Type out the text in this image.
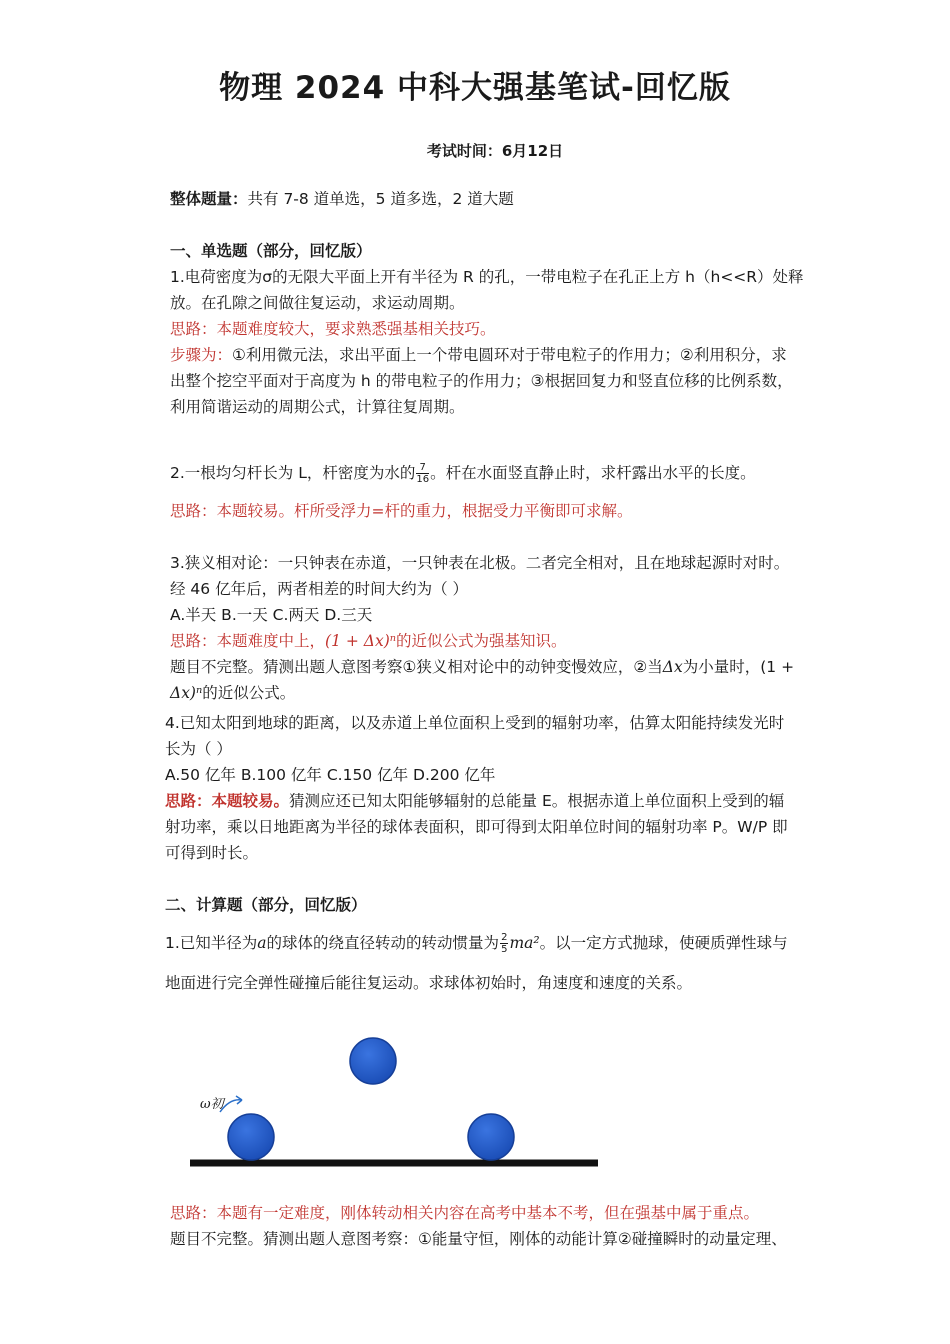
物理 2024 中科大强基笔试-回忆版
考试时间：6月12日
整体题量：共有 7-8 道单选，5 道多选，2 道大题
一、单选题（部分，回忆版）
1.电荷密度为σ的无限大平面上开有半径为 R 的孔，一带电粒子在孔正上方 h（h<<R）处释
放。在孔隙之间做往复运动，求运动周期。
思路：本题难度较大，要求熟悉强基相关技巧。
步骤为：①利用微元法，求出平面上一个带电圆环对于带电粒子的作用力；②利用积分，求
出整个挖空平面对于高度为 h 的带电粒子的作用力；③根据回复力和竖直位移的比例系数，
利用简谐运动的周期公式，计算往复周期。
2.一根均匀杆长为 L，杆密度为水的 $\frac{7}{16}$ 。杆在水面竖直静止时，求杆露出水平的长度。
思路：本题较易。杆所受浮力=杆的重力，根据受力平衡即可求解。
3.狭义相对论：一只钟表在赤道，一只钟表在北极。二者完全相对，且在地球起源时对时。
经 46 亿年后，两者相差的时间大约为（ ）
A.半天 B.一天 C.两天 D.三天
思路：本题难度中上，(1 + Δx)ⁿ的近似公式为强基知识。
题目不完整。猜测出题人意图考察①狭义相对论中的动钟变慢效应，②当Δx为小量时，(1 +
Δx)ⁿ的近似公式。
4.已知太阳到地球的距离，以及赤道上单位面积上受到的辐射功率，估算太阳能持续发光时
长为（ ）
A.50 亿年 B.100 亿年 C.150 亿年 D.200 亿年
思路：本题较易。猜测应还已知太阳能够辐射的总能量 E。根据赤道上单位面积上受到的辐
射功率，乘以日地距离为半径的球体表面积，即可得到太阳单位时间的辐射功率 P。W/P 即
可得到时长。
二、计算题（部分，回忆版）
1.已知半径为a的球体的绕直径转动的转动惯量为 $\frac{2}{5} ma^2$。以一定方式抛球，使硬质弹性球与
地面进行完全弹性碰撞后能往复运动。求球体初始时，角速度和速度的关系。
ω初
思路：本题有一定难度，刚体转动相关内容在高考中基本不考，但在强基中属于重点。
题目不完整。猜测出题人意图考察：①能量守恒，刚体的动能计算②碰撞瞬时的动量定理、
